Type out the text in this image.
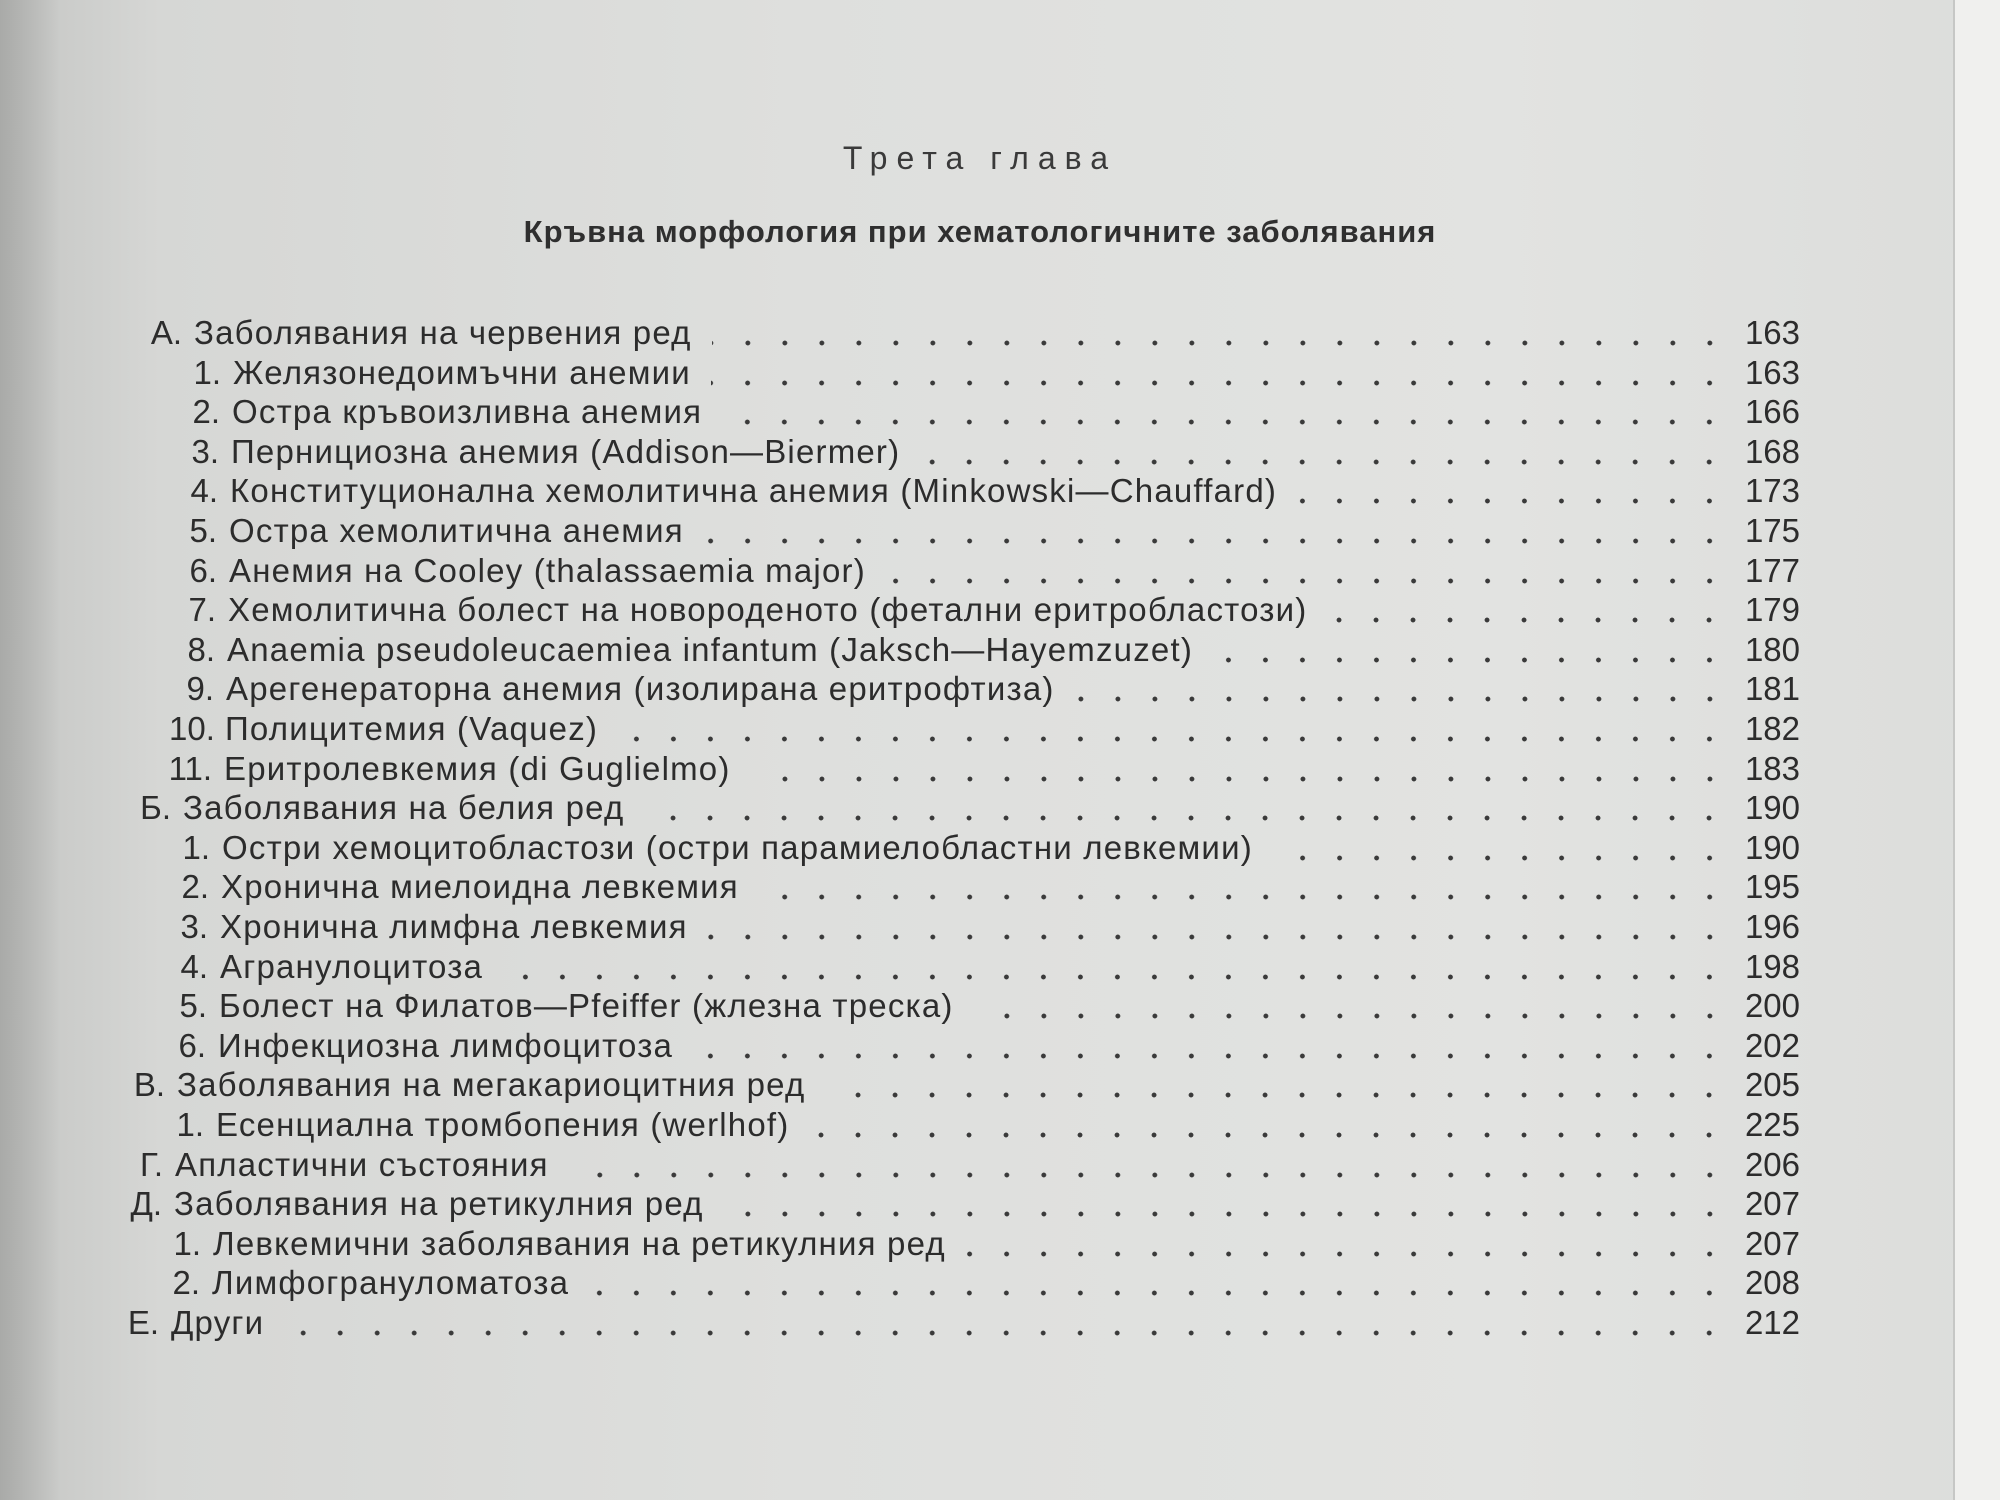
Трета глава
Кръвна морфология при хематологичните заболявания
А. Заболявания на червения ред	163
1. Желязонедоимъчни анемии	163
2. Остра кръвоизливна анемия	166
3. Пернициозна анемия (Addison—Biermer)	168
4. Конституционална хемолитична анемия (Minkowski—Chauffard)	173
5. Остра хемолитична анемия	175
6. Анемия на Cooley (thalassaemia major)	177
7. Хемолитична болест на новороденото (фетални еритробластози)	179
8. Anaemia pseudoleucaemiea infantum (Jaksch—Hayemzuzet)	180
9. Арегенераторна анемия (изолирана еритрофтиза)	181
10. Полицитемия (Vaquez)	182
11. Еритролевкемия (di Guglielmo)	183
Б. Заболявания на белия ред	190
1. Остри хемоцитобластози (остри парамиелобластни левкемии)	190
2. Хронична миелоидна левкемия	195
3. Хронична лимфна левкемия	196
4. Агранулоцитоза	198
5. Болест на Филатов—Pfeiffer (жлезна треска)	200
6. Инфекциозна лимфоцитоза	202
В. Заболявания на мегакариоцитния ред	205
1. Есенциална тромбопения (werlhof)	225
Г. Апластични състояния	206
Д. Заболявания на ретикулния ред	207
1. Левкемични заболявания на ретикулния ред	207
2. Лимфогрануломатоза	208
Е. Други	212
